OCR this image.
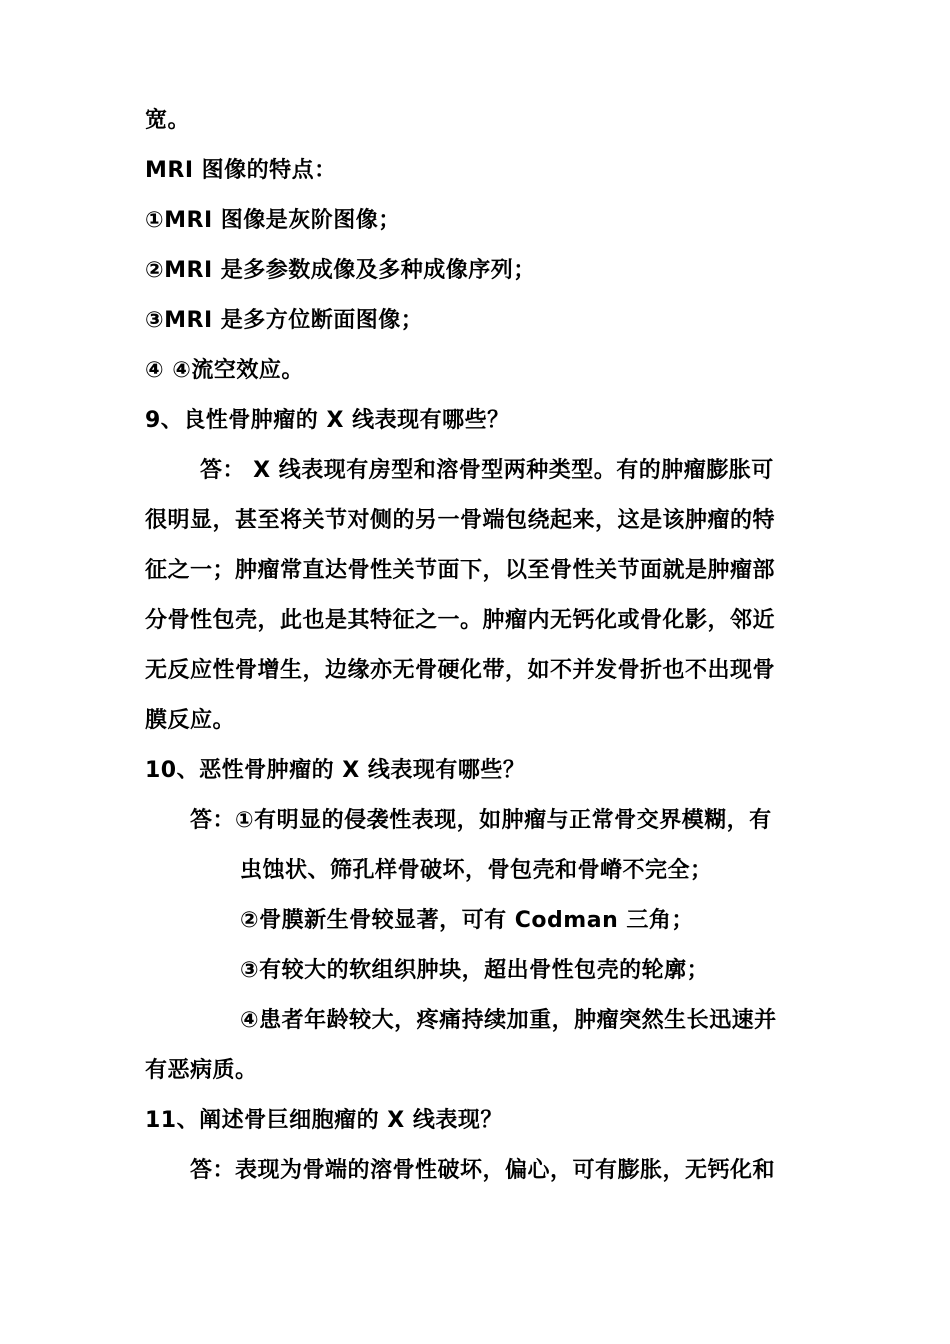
宽。
MRI 图像的特点：
①MRI 图像是灰阶图像；
②MRI 是多参数成像及多种成像序列；
③MRI 是多方位断面图像；
④ ④流空效应。
9、良性骨肿瘤的 X 线表现有哪些？
答： X 线表现有房型和溶骨型两种类型。有的肿瘤膨胀可
很明显，甚至将关节对侧的另一骨端包绕起来，这是该肿瘤的特
征之一；肿瘤常直达骨性关节面下，以至骨性关节面就是肿瘤部
分骨性包壳，此也是其特征之一。肿瘤内无钙化或骨化影，邻近
无反应性骨增生，边缘亦无骨硬化带，如不并发骨折也不出现骨
膜反应。
10、恶性骨肿瘤的 X 线表现有哪些？
答：①有明显的侵袭性表现，如肿瘤与正常骨交界模糊，有
虫蚀状、筛孔样骨破坏，骨包壳和骨嵴不完全；
②骨膜新生骨较显著，可有 Codman 三角；
③有较大的软组织肿块，超出骨性包壳的轮廓；
④患者年龄较大，疼痛持续加重，肿瘤突然生长迅速并
有恶病质。
11、阐述骨巨细胞瘤的 X 线表现？
答：表现为骨端的溶骨性破坏，偏心，可有膨胀，无钙化和
